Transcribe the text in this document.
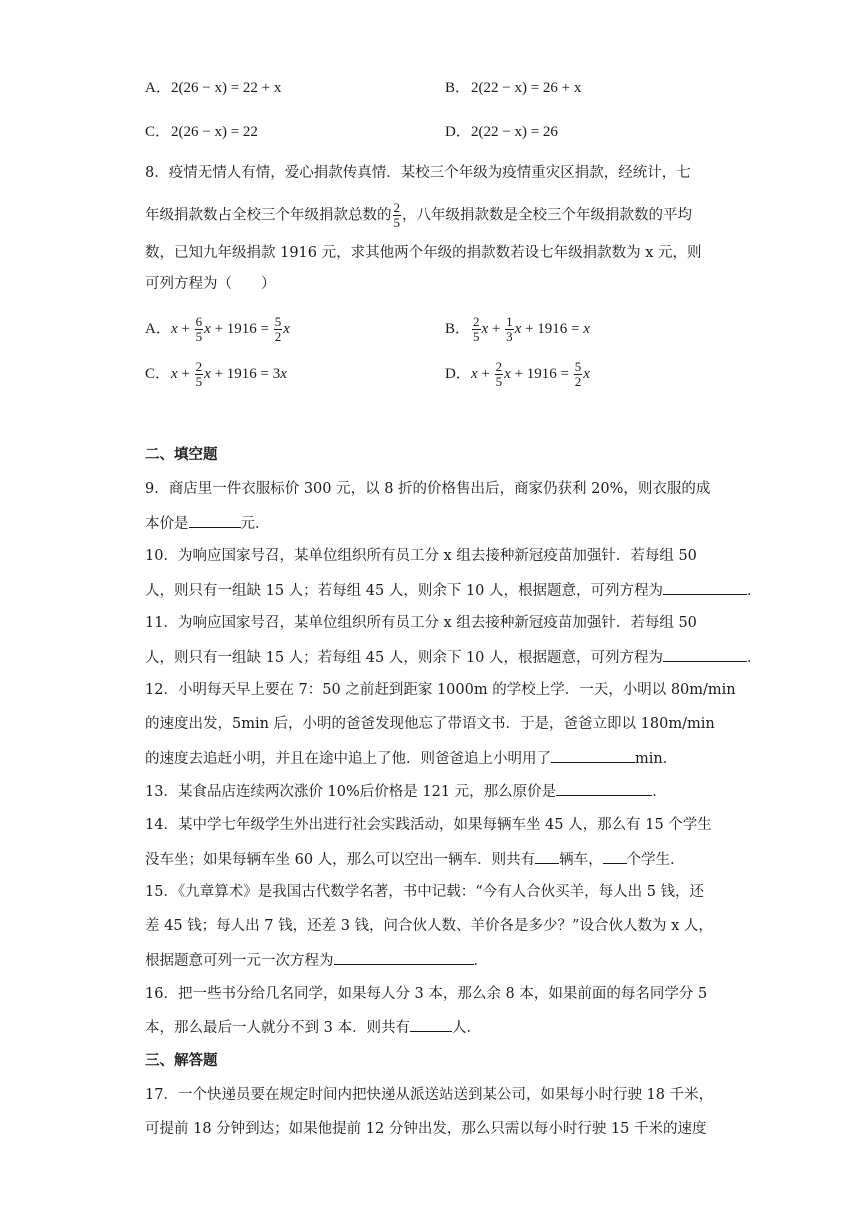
A．2(26 − x) = 22 + x	B．2(22 − x) = 26 + x
C．2(26 − x) = 22	D．2(22 − x) = 26
8．疫情无情人有情，爱心捐款传真情．某校三个年级为疫情重灾区捐款，经统计，七
年级捐款数占全校三个年级捐款总数的 $\frac{2}{5}$ ，八年级捐款数是全校三个年级捐款数的平均
数，已知九年级捐款 1916 元，求其他两个年级的捐款数若设七年级捐款数为 x 元，则
可列方程为（　　）
A．$x + \frac{6}{5}$ $x + 1916 = \frac{5}{2}$ x	B． $\frac{2}{5}$ $x + \frac{1}{3}$ x + 1916 = x
C．$x + \frac{2}{5}$ x + 1916 = 3x	D．$x + \frac{2}{5}$ $x + 1916 = \frac{5}{2}$ x
二、填空题
9．商店里一件衣服标价 300 元，以 8 折的价格售出后，商家仍获利 20%，则衣服的成
本价是	元．
10．为响应国家号召，某单位组织所有员工分 x 组去接种新冠疫苗加强针．若每组 50
人，则只有一组缺 15 人；若每组 45 人，则余下 10 人，根据题意，可列方程为	．
11．为响应国家号召，某单位组织所有员工分 x 组去接种新冠疫苗加强针．若每组 50
人，则只有一组缺 15 人；若每组 45 人，则余下 10 人，根据题意，可列方程为	．
12．小明每天早上要在 7：50 之前赶到距家 1000m 的学校上学．一天，小明以 80m/min
的速度出发，5min 后，小明的爸爸发现他忘了带语文书．于是，爸爸立即以 180m/min
的速度去追赶小明，并且在途中追上了他．则爸爸追上小明用了	min．
13．某食品店连续两次涨价 10%后价格是 121 元，那么原价是	．
14．某中学七年级学生外出进行社会实践活动，如果每辆车坐 45 人，那么有 15 个学生
没车坐；如果每辆车坐 60 人，那么可以空出一辆车．则共有 辆车， 个学生．
15．《九章算术》是我国古代数学名著，书中记载：“今有人合伙买羊，每人出 5 钱，还
差 45 钱；每人出 7 钱，还差 3 钱，问合伙人数、羊价各是多少？”设合伙人数为 x 人，
根据题意可列一元一次方程为	．
16．把一些书分给几名同学，如果每人分 3 本，那么余 8 本，如果前面的每名同学分 5
本，那么最后一人就分不到 3 本．则共有	人．
三、解答题
17．一个快递员要在规定时间内把快递从派送站送到某公司，如果每小时行驶 18 千米，
可提前 18 分钟到达；如果他提前 12 分钟出发，那么只需以每小时行驶 15 千米的速度
